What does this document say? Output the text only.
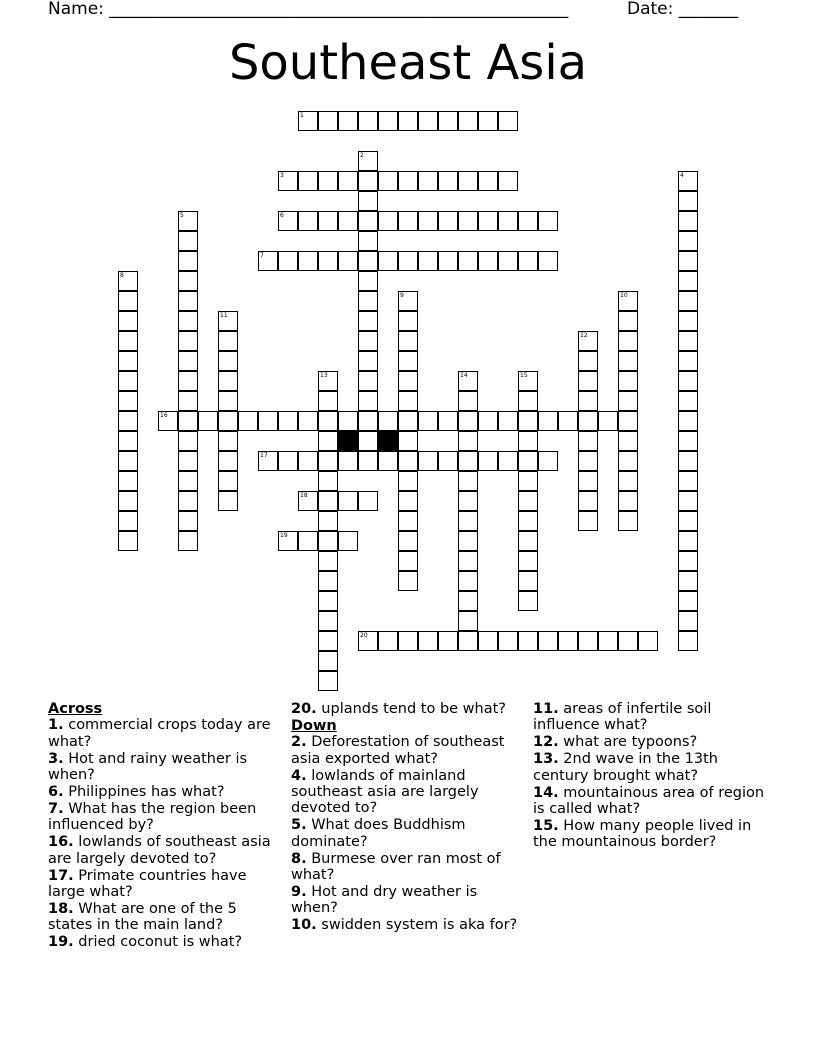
Name: ______________________________________________________	Date: _______
Southeast Asia
1
3
6
7
16
17
18
19
20
2
4
5
8
9	10
11
12
13	14	15
Across
1. commercial crops today are what?
3. Hot and rainy weather is when?
6. Philippines has what?
7. What has the region been influenced by?
16. lowlands of southeast asia are largely devoted to?
17. Primate countries have large what?
18. What are one of the 5 states in the main land?
19. dried coconut is what?
20. uplands tend to be what?
Down
2. Deforestation of southeast asia exported what?
4. lowlands of mainland southeast asia are largely devoted to?
5. What does Buddhism dominate?
8. Burmese over ran most of what?
9. Hot and dry weather is when?
10. swidden system is aka for?
11. areas of infertile soil influence what?
12. what are typoons?
13. 2nd wave in the 13th century brought what?
14. mountainous area of region is called what?
15. How many people lived in the mountainous border?
